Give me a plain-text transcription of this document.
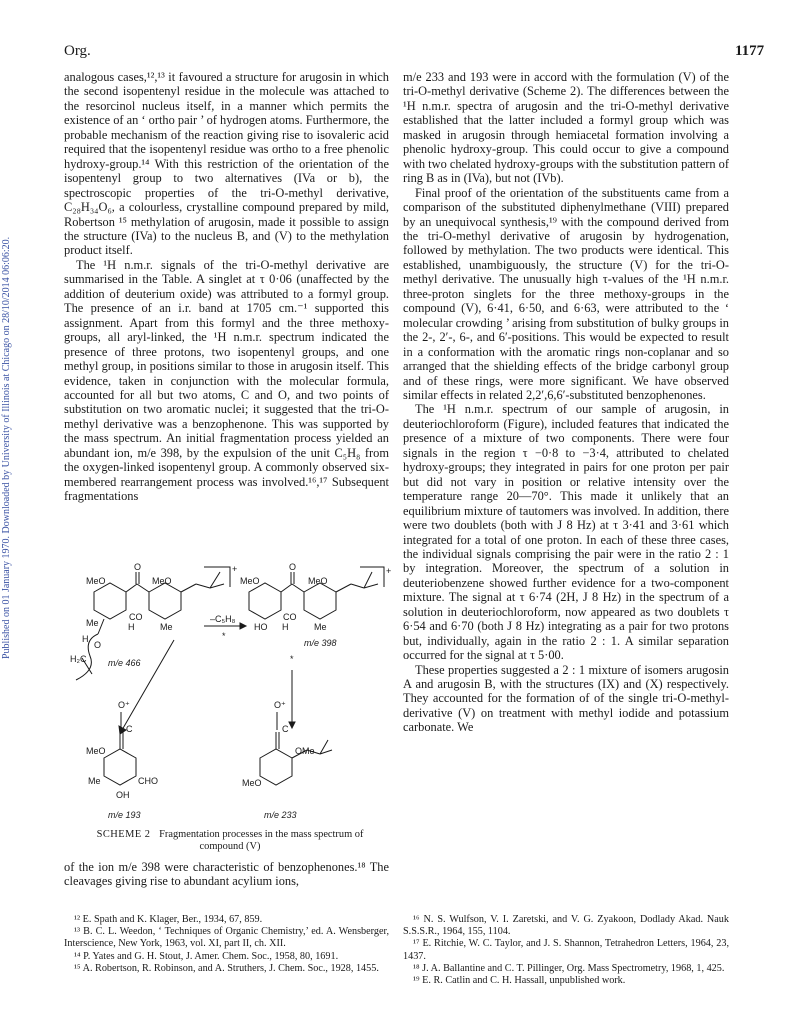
Org.	1177
Published on 01 January 1970. Downloaded by University of Illinois at Chicago on 28/10/2014 06:06:20.

analogous cases,¹²,¹³ it favoured a structure for arugosin in which the second isopentenyl residue in the molecule was attached to the resorcinol nucleus itself, in a manner which permits the existence of an ‘ ortho pair ’ of hydrogen atoms. Furthermore, the probable mechanism of the reaction giving rise to isovaleric acid required that the isopentenyl residue was ortho to a free phenolic hydroxy-group.¹⁴ With this restriction of the orientation of the isopentenyl group to two alternatives (IVa or b), the spectroscopic properties of the tri-O-methyl derivative, C₂₈H₃₄O₆, a colourless, crystalline compound prepared by mild, Robertson ¹⁵ methylation of arugosin, made it possible to assign the structure (IVa) to the nucleus B, and (V) to the methylation product itself.

The ¹H n.m.r. signals of the tri-O-methyl derivative are summarised in the Table. A singlet at τ 0·06 (unaffected by the addition of deuterium oxide) was attributed to a formyl group. The presence of an i.r. band at 1705 cm.⁻¹ supported this assignment. Apart from this formyl and the three methoxy-groups, all aryl-linked, the ¹H n.m.r. spectrum indicated the presence of three protons, two isopentenyl groups, and one methyl group, in positions similar to those in arugosin itself. This evidence, taken in conjunction with the molecular formula, accounted for all but two atoms, C and O, and two points of substitution on two aromatic nuclei; it suggested that the tri-O-methyl derivative was a benzophenone. This was supported by the mass spectrum. An initial fragmentation process yielded an abundant ion, m/e 398, by the expulsion of the unit C₅H₈ from the oxygen-linked isopentenyl group. A commonly observed six-membered rearrangement process was involved.¹⁶,¹⁷ Subsequent fragmentations

MeO
O
MeO	MeO
O
MeO
CO
Me	H	Me
CO
HO H	Me
–C₅H₈
*
H
O
H₂C m/e 466
m/e 398
O⁺
MeO
C
Me	CHO
OH
O⁺
C
OMe
MeO
m/e 193	m/e 233
+	+
*
SCHEME 2 Fragmentation processes in the mass spectrum of compound (V)

of the ion m/e 398 were characteristic of benzophenones.¹⁸ The cleavages giving rise to abundant acylium ions,

¹² E. Spath and K. Klager, Ber., 1934, 67, 859.

¹³ B. C. L. Weedon, ‘ Techniques of Organic Chemistry,’ ed. A. Wensberger, Interscience, New York, 1963, vol. XI, part II, ch. XII.

¹⁴ P. Yates and G. H. Stout, J. Amer. Chem. Soc., 1958, 80, 1691.

¹⁵ A. Robertson, R. Robinson, and A. Struthers, J. Chem. Soc., 1928, 1455.

m/e 233 and 193 were in accord with the formulation (V) of the tri-O-methyl derivative (Scheme 2). The differences between the ¹H n.m.r. spectra of arugosin and the tri-O-methyl derivative established that the latter included a formyl group which was masked in arugosin through hemiacetal formation involving a phenolic hydroxy-group. This could occur to give a compound with two chelated hydroxy-groups with the substitution pattern of ring B as in (IVa), but not (IVb).

Final proof of the orientation of the substituents came from a comparison of the substituted diphenylmethane (VIII) prepared by an unequivocal synthesis,¹⁹ with the compound derived from the tri-O-methyl derivative of arugosin by hydrogenation, followed by methylation. The two products were identical. This established, unambiguously, the structure (V) for the tri-O-methyl derivative. The unusually high τ-values of the ¹H n.m.r. three-proton singlets for the three methoxy-groups in the compound (V), 6·41, 6·50, and 6·63, were attributed to the ‘ molecular crowding ’ arising from substitution of bulky groups in the 2-, 2′-, 6-, and 6′-positions. This would be expected to result in a conformation with the aromatic rings non-coplanar and so arranged that the shielding effects of the bridge carbonyl group and of these rings, were more significant. We have observed similar effects in related 2,2′,6,6′-substituted benzophenones.

The ¹H n.m.r. spectrum of our sample of arugosin, in deuteriochloroform (Figure), included features that indicated the presence of a mixture of two components. There were four signals in the region τ −0·8 to −3·4, attributed to chelated hydroxy-groups; they integrated in pairs for one proton per pair but did not vary in position or relative intensity over the temperature range 20—70°. This made it unlikely that an equilibrium mixture of tautomers was involved. In addition, there were two doublets (both with J 8 Hz) at τ 3·41 and 3·61 which integrated for a total of one proton. In each of these three cases, the individual signals comprising the pair were in the ratio 2 : 1 by integration. Moreover, the spectrum of a solution in deuteriobenzene showed further evidence for a two-component mixture. The signal at τ 6·74 (2H, J 8 Hz) in the spectrum of a solution in deuteriochloroform, now appeared as two doublets τ 6·54 and 6·70 (both J 8 Hz) integrating as a pair for two protons but, individually, again in the ratio 2 : 1. A similar separation occurred for the signal at τ 5·00.

These properties suggested a 2 : 1 mixture of isomers arugosin A and arugosin B, with the structures (IX) and (X) respectively. They accounted for the formation of of the single tri-O-methyl-derivative (V) on treatment with methyl iodide and potassium carbonate. We

¹⁶ N. S. Wulfson, V. I. Zaretski, and V. G. Zyakoon, Dodlady Akad. Nauk S.S.S.R., 1964, 155, 1104.

¹⁷ E. Ritchie, W. C. Taylor, and J. S. Shannon, Tetrahedron Letters, 1964, 23, 1437.

¹⁸ J. A. Ballantine and C. T. Pillinger, Org. Mass Spectrometry, 1968, 1, 425.

¹⁹ E. R. Catlin and C. H. Hassall, unpublished work.
